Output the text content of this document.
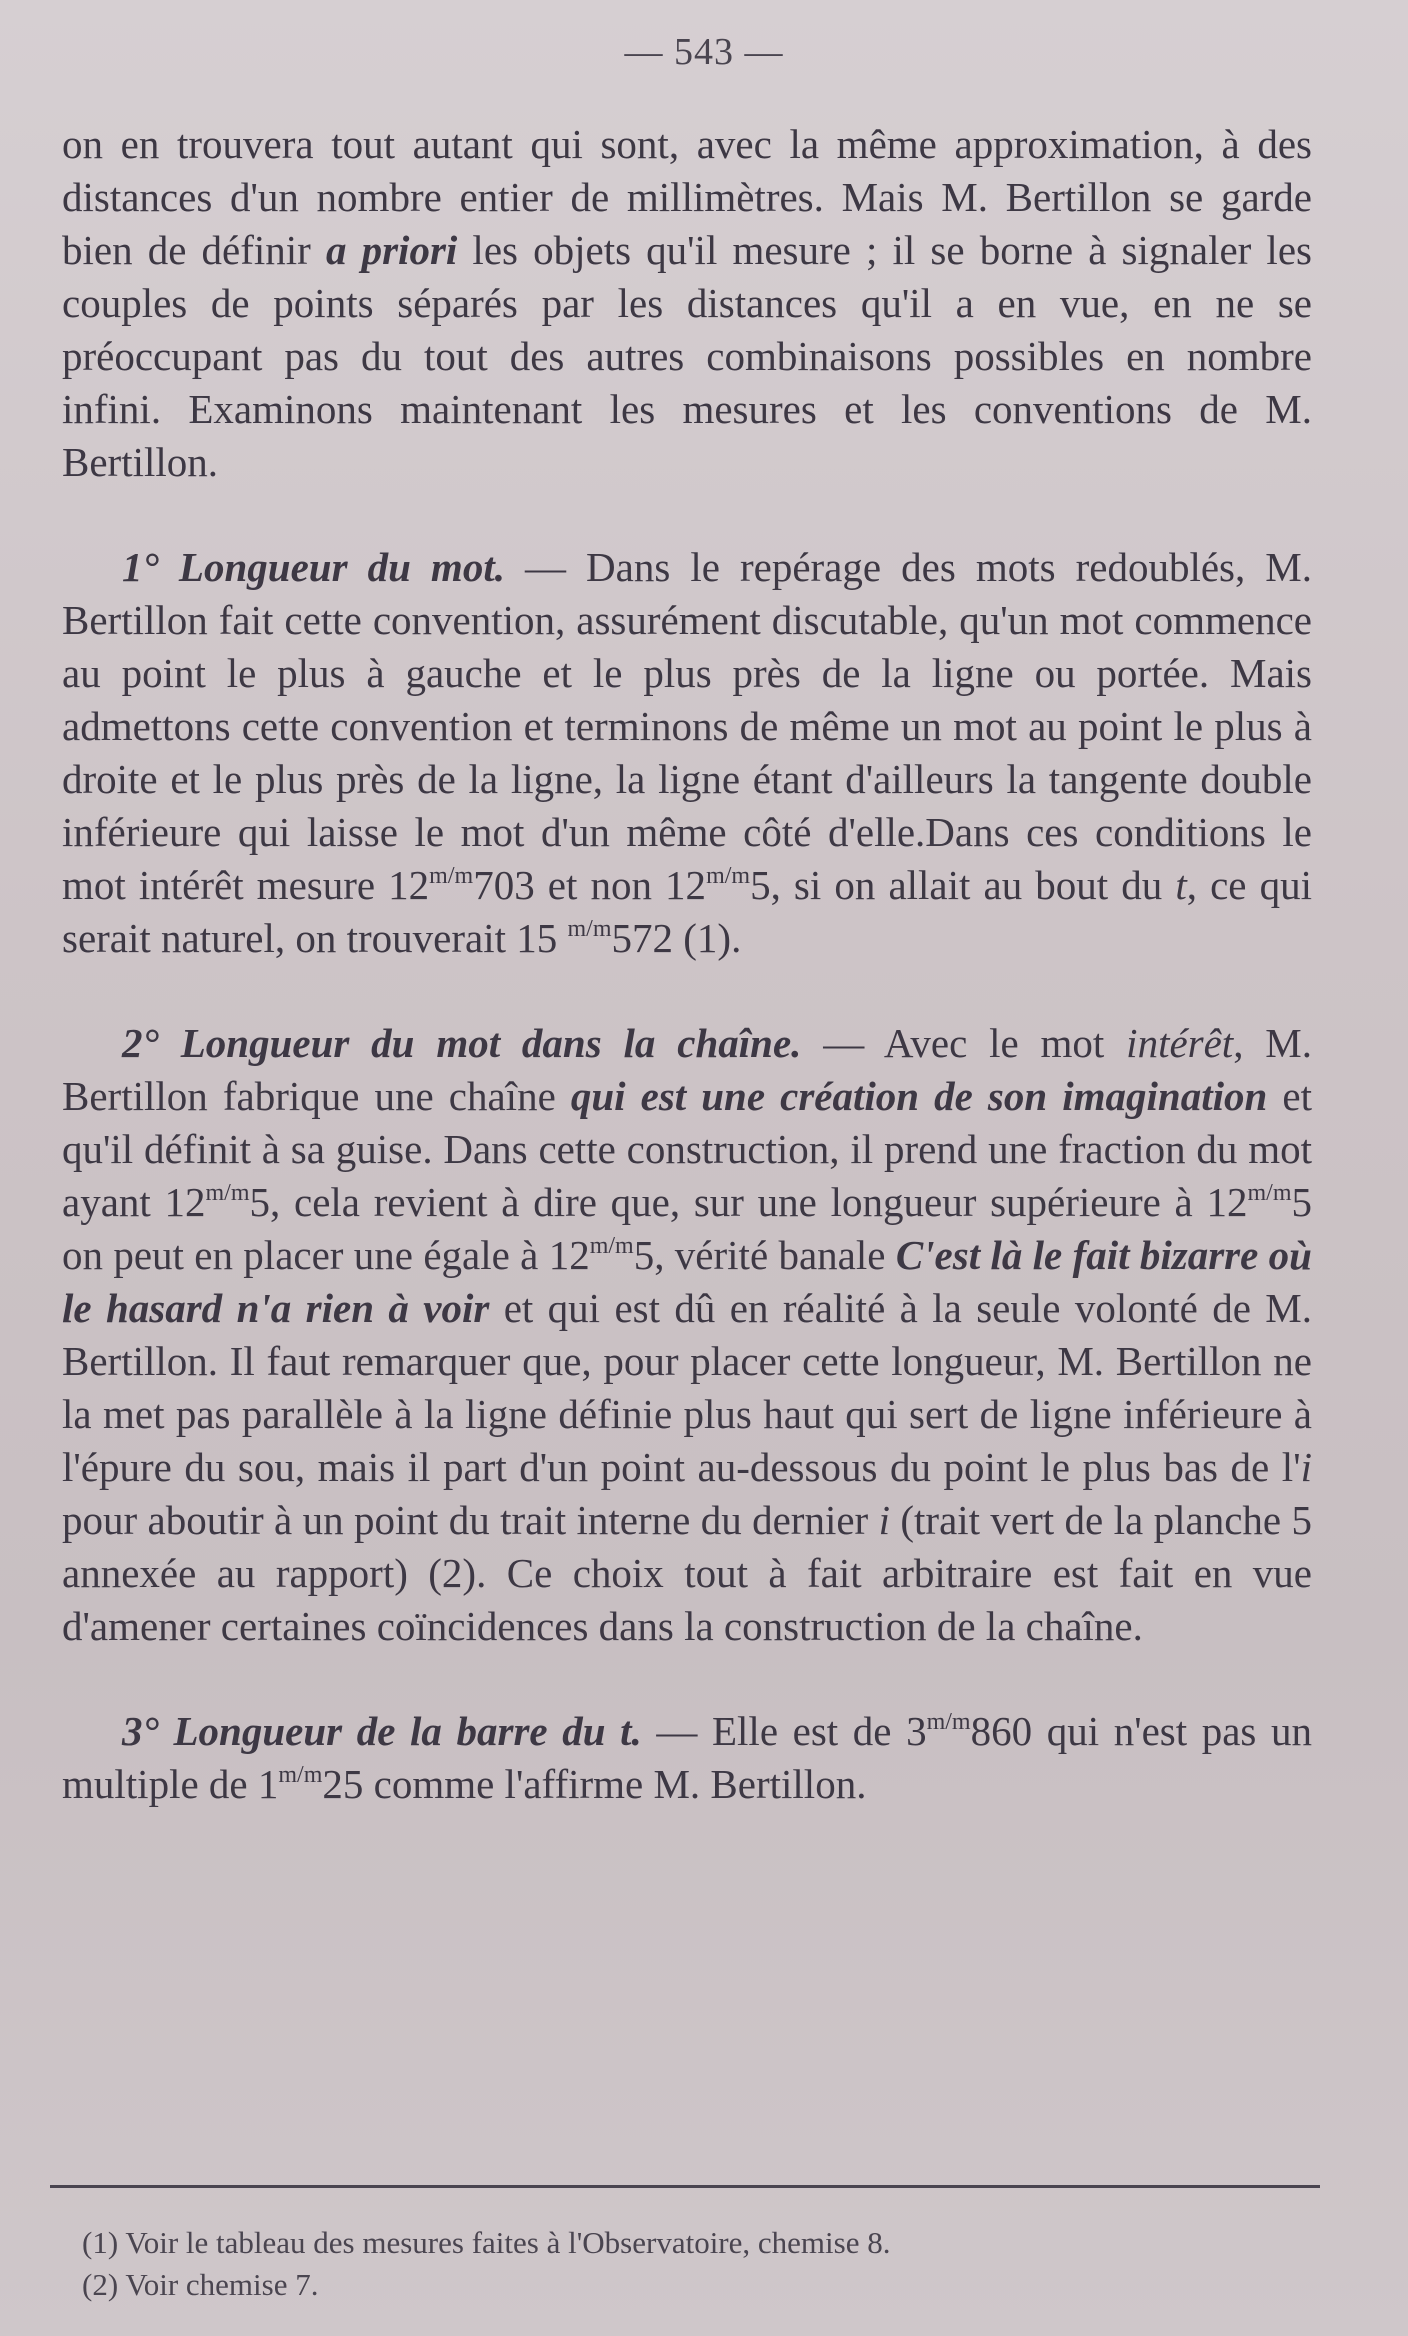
— 543 —

on en trouvera tout autant qui sont, avec la même approximation, à des distances d'un nombre entier de millimètres. Mais M. Bertillon se garde bien de définir a priori les objets qu'il mesure ; il se borne à signaler les couples de points séparés par les distances qu'il a en vue, en ne se préoccupant pas du tout des autres combinaisons possibles en nombre infini. Examinons maintenant les mesures et les conventions de M. Bertillon.

1° Longueur du mot. — Dans le repérage des mots redoublés, M. Bertillon fait cette convention, assurément discutable, qu'un mot commence au point le plus à gauche et le plus près de la ligne ou portée. Mais admettons cette convention et terminons de même un mot au point le plus à droite et le plus près de la ligne, la ligne étant d'ailleurs la tangente double inférieure qui laisse le mot d'un même côté d'elle.Dans ces conditions le mot intérêt mesure $12^{m/m}703$ et non $12^{m/m}5$, si on allait au bout du t, ce qui serait naturel, on trouverait 15 $^{m/m}$572 (1).

2° Longueur du mot dans la chaîne. — Avec le mot intérêt, M. Bertillon fabrique une chaîne qui est une création de son imagination et qu'il définit à sa guise. Dans cette construction, il prend une fraction du mot ayant $12^{m/m}5$, cela revient à dire que, sur une longueur supérieure à $12^{m/m}5$ on peut en placer une égale à $12^{m/m}5$, vérité banale C'est là le fait bizarre où le hasard n'a rien à voir et qui est dû en réalité à la seule volonté de M. Bertillon. Il faut remarquer que, pour placer cette longueur, M. Bertillon ne la met pas parallèle à la ligne définie plus haut qui sert de ligne inférieure à l'épure du sou, mais il part d'un point au-dessous du point le plus bas de l'i pour aboutir à un point du trait interne du dernier i (trait vert de la planche 5 annexée au rapport) (2). Ce choix tout à fait arbitraire est fait en vue d'amener certaines coïncidences dans la construction de la chaîne.

3° Longueur de la barre du t. — Elle est de $3^{m/m}860$ qui n'est pas un multiple de $1^{m/m}25$ comme l'affirme M. Bertillon.

(1) Voir le tableau des mesures faites à l'Observatoire, chemise 8.

(2) Voir chemise 7.
